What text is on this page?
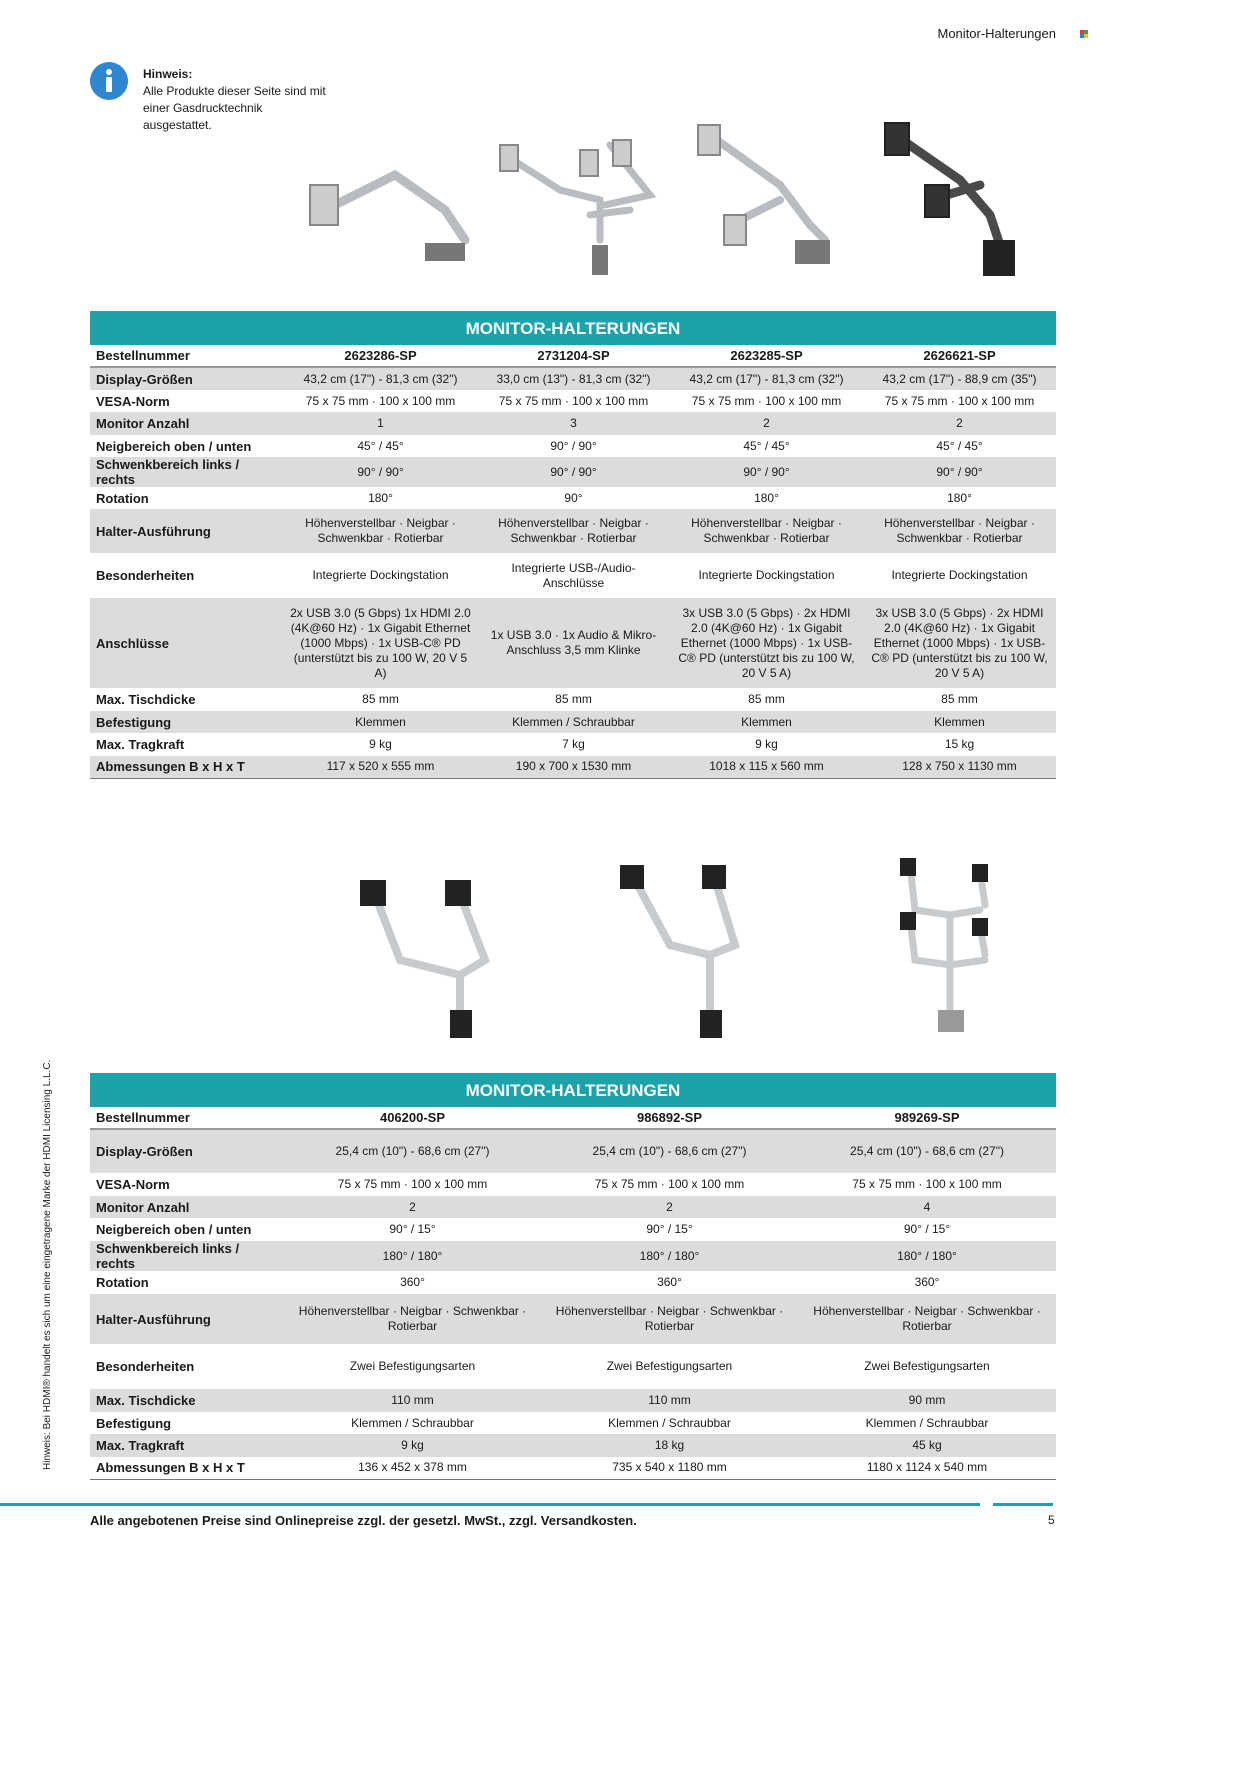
Monitor-Halterungen
Hinweis:
Alle Produkte dieser Seite sind mit einer Gasdrucktechnik ausgestattet.
MONITOR-HALTERUNGEN				
Bestellnummer	2623286-SP	2731204-SP	2623285-SP	2626621-SP
Display-Größen	43,2 cm (17") - 81,3 cm (32")	33,0 cm (13") - 81,3 cm (32")	43,2 cm (17") - 81,3 cm (32")	43,2 cm (17") - 88,9 cm (35")
VESA-Norm	75 x 75 mm · 100 x 100 mm	75 x 75 mm · 100 x 100 mm	75 x 75 mm · 100 x 100 mm	75 x 75 mm · 100 x 100 mm
Monitor Anzahl	1	3	2	2
Neigbereich oben / unten	45° / 45°	90° / 90°	45° / 45°	45° / 45°
Schwenkbereich links / rechts	90° / 90°	90° / 90°	90° / 90°	90° / 90°
Rotation	180°	90°	180°	180°
Halter-Ausführung	Höhenverstellbar · Neigbar · Schwenkbar · Rotierbar	Höhenverstellbar · Neigbar · Schwenkbar · Rotierbar	Höhenverstellbar · Neigbar · Schwenkbar · Rotierbar	Höhenverstellbar · Neigbar · Schwenkbar · Rotierbar
Besonderheiten	Integrierte Dockingstation	Integrierte USB-/Audio-Anschlüsse	Integrierte Dockingstation	Integrierte Dockingstation
Anschlüsse	2x USB 3.0 (5 Gbps) 1x HDMI 2.0 (4K@60 Hz) · 1x Gigabit Ethernet (1000 Mbps) · 1x USB-C® PD (unterstützt bis zu 100 W, 20 V 5 A)	1x USB 3.0 · 1x Audio & Mikro-Anschluss 3,5 mm Klinke	3x USB 3.0 (5 Gbps) · 2x HDMI 2.0 (4K@60 Hz) · 1x Gigabit Ethernet (1000 Mbps) · 1x USB-C® PD (unterstützt bis zu 100 W, 20 V 5 A)	3x USB 3.0 (5 Gbps) · 2x HDMI 2.0 (4K@60 Hz) · 1x Gigabit Ethernet (1000 Mbps) · 1x USB-C® PD (unterstützt bis zu 100 W, 20 V 5 A)
Max. Tischdicke	85 mm	85 mm	85 mm	85 mm
Befestigung	Klemmen	Klemmen / Schraubbar	Klemmen	Klemmen
Max. Tragkraft	9 kg	7 kg	9 kg	15 kg
Abmessungen B x H x T	117 x 520 x 555 mm	190 x 700 x 1530 mm	1018 x 115 x 560 mm	128 x 750 x 1130 mm
MONITOR-HALTERUNGEN			
Bestellnummer	406200-SP	986892-SP	989269-SP
Display-Größen	25,4 cm (10") - 68,6 cm (27")	25,4 cm (10") - 68,6 cm (27")	25,4 cm (10") - 68,6 cm (27")
VESA-Norm	75 x 75 mm · 100 x 100 mm	75 x 75 mm · 100 x 100 mm	75 x 75 mm · 100 x 100 mm
Monitor Anzahl	2	2	4
Neigbereich oben / unten	90° / 15°	90° / 15°	90° / 15°
Schwenkbereich links / rechts	180° / 180°	180° / 180°	180° / 180°
Rotation	360°	360°	360°
Halter-Ausführung	Höhenverstellbar · Neigbar · Schwenkbar · Rotierbar	Höhenverstellbar · Neigbar · Schwenkbar · Rotierbar	Höhenverstellbar · Neigbar · Schwenkbar · Rotierbar
Besonderheiten	Zwei Befestigungsarten	Zwei Befestigungsarten	Zwei Befestigungsarten
Max. Tischdicke	110 mm	110 mm	90 mm
Befestigung	Klemmen / Schraubbar	Klemmen / Schraubbar	Klemmen / Schraubbar
Max. Tragkraft	9 kg	18 kg	45 kg
Abmessungen B x H x T	136 x 452 x 378 mm	735 x 540 x 1180 mm	1180 x 1124 x 540 mm
Hinweis: Bei HDMI® handelt es sich um eine eingetragene Marke der HDMI Licensing L.L.C.
Alle angebotenen Preise sind Onlinepreise zzgl. der gesetzl. MwSt., zzgl. Versandkosten.	5
